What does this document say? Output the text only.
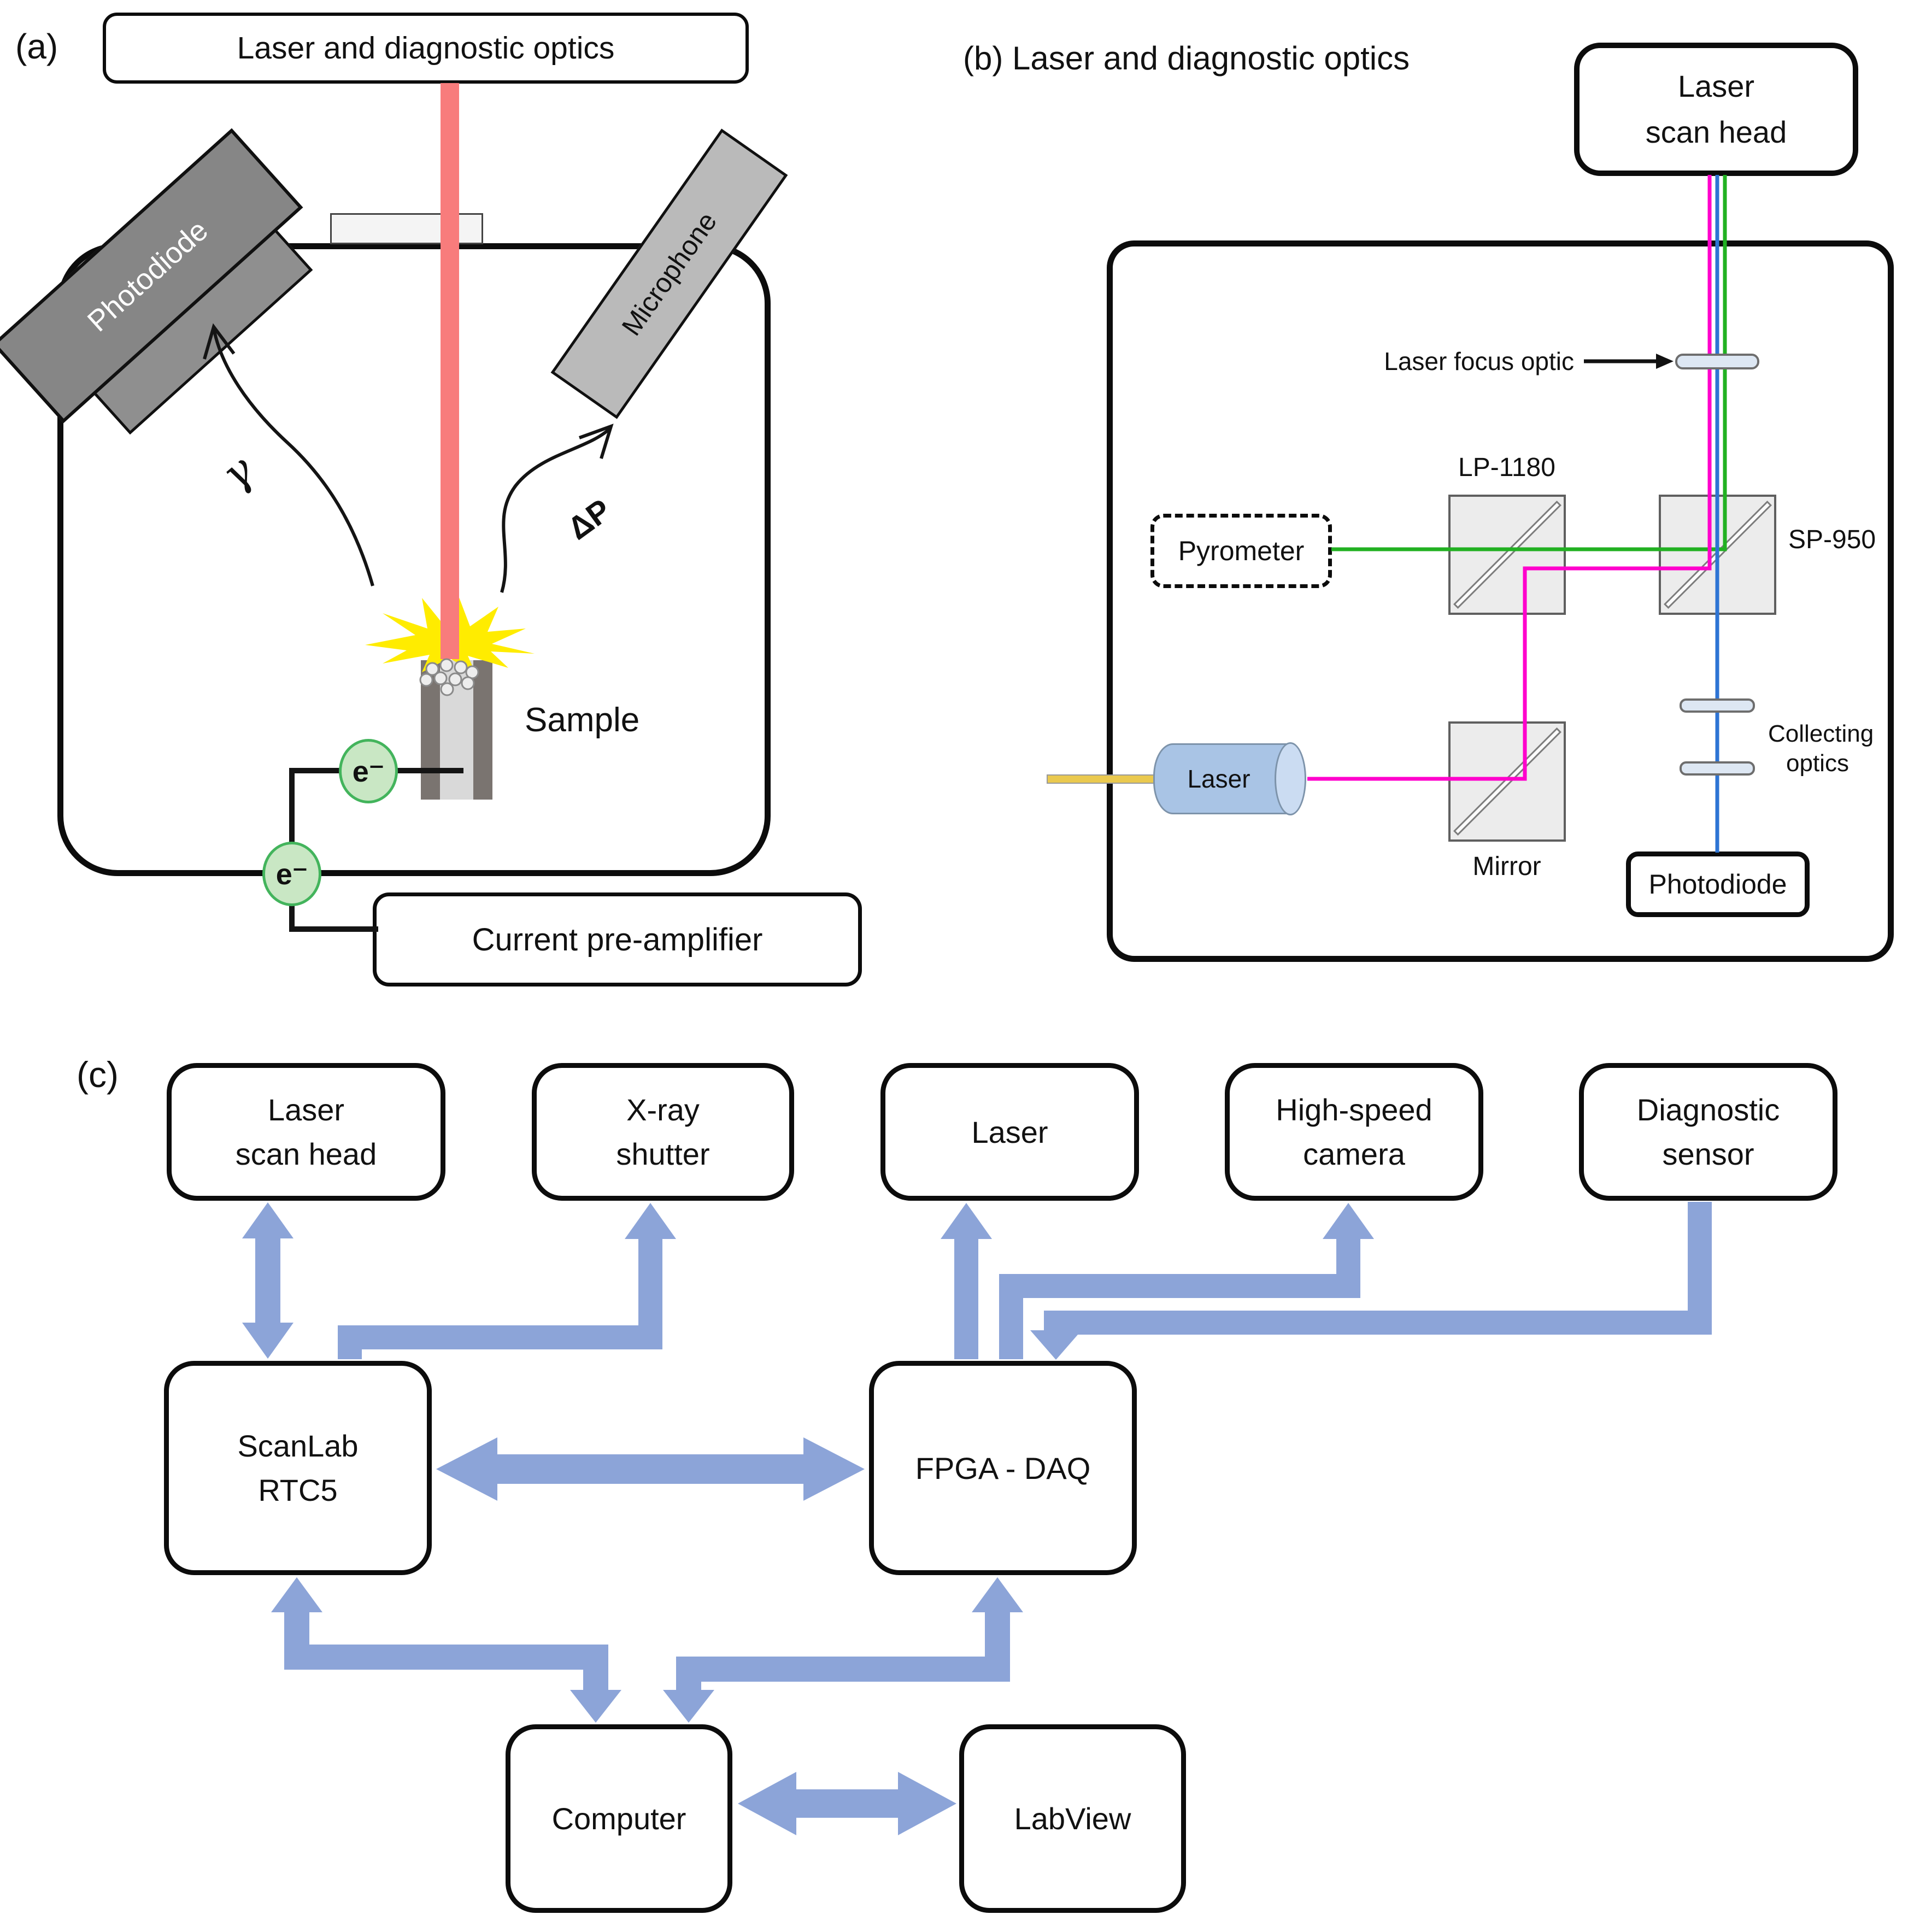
(a)	Laser and diagnostic optics
Photodiode	Microphone
γ
ΔP
Sample
e⁻
e⁻
Current pre-amplifier
(b) Laser and diagnostic optics
Laser
scan head
Laser focus optic
LP-1180
SP-950
Pyrometer
Laser
Mirror
Collecting
optics
Photodiode
(c)
Laser
scan head
X-ray
shutter
Laser
High-speed
camera
Diagnostic
sensor
ScanLab
RTC5
FPGA - DAQ
Computer	LabView
